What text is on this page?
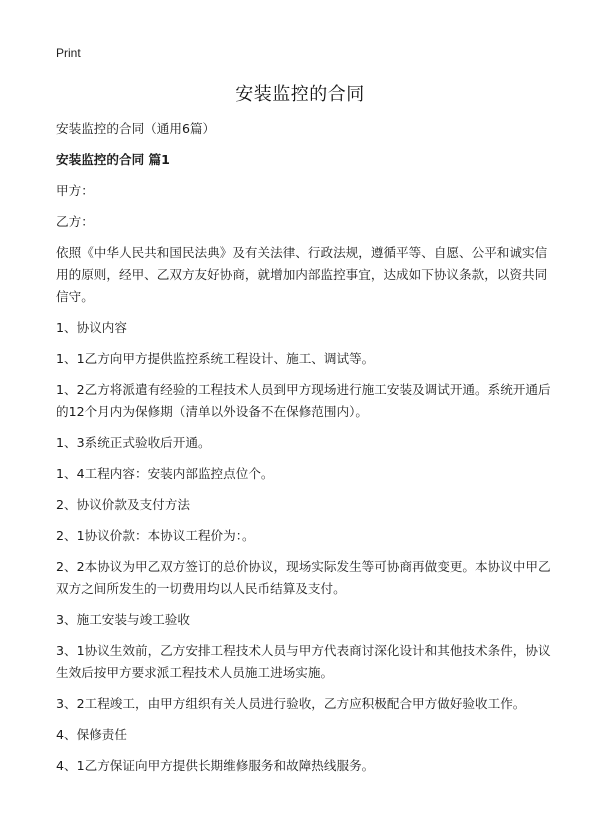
Print
安装监控的合同

安装监控的合同（通用6篇）

安装监控的合同 篇1

甲方：

乙方：

依照《中华人民共和国民法典》及有关法律、行政法规，遵循平等、自愿、公平和诚实信用的原则，经甲、乙双方友好协商，就增加内部监控事宜，达成如下协议条款，以资共同信守。

1、协议内容

1、1乙方向甲方提供监控系统工程设计、施工、调试等。

1、2乙方将派遣有经验的工程技术人员到甲方现场进行施工安装及调试开通。系统开通后的12个月内为保修期（清单以外设备不在保修范围内）。

1、3系统正式验收后开通。

1、4工程内容：安装内部监控点位个。

2、协议价款及支付方法

2、1协议价款：本协议工程价为：。

2、2本协议为甲乙双方签订的总价协议，现场实际发生等可协商再做变更。本协议中甲乙双方之间所发生的一切费用均以人民币结算及支付。

3、施工安装与竣工验收

3、1协议生效前，乙方安排工程技术人员与甲方代表商讨深化设计和其他技术条件，协议生效后按甲方要求派工程技术人员施工进场实施。

3、2工程竣工，由甲方组织有关人员进行验收，乙方应积极配合甲方做好验收工作。

4、保修责任

4、1乙方保证向甲方提供长期维修服务和故障热线服务。
